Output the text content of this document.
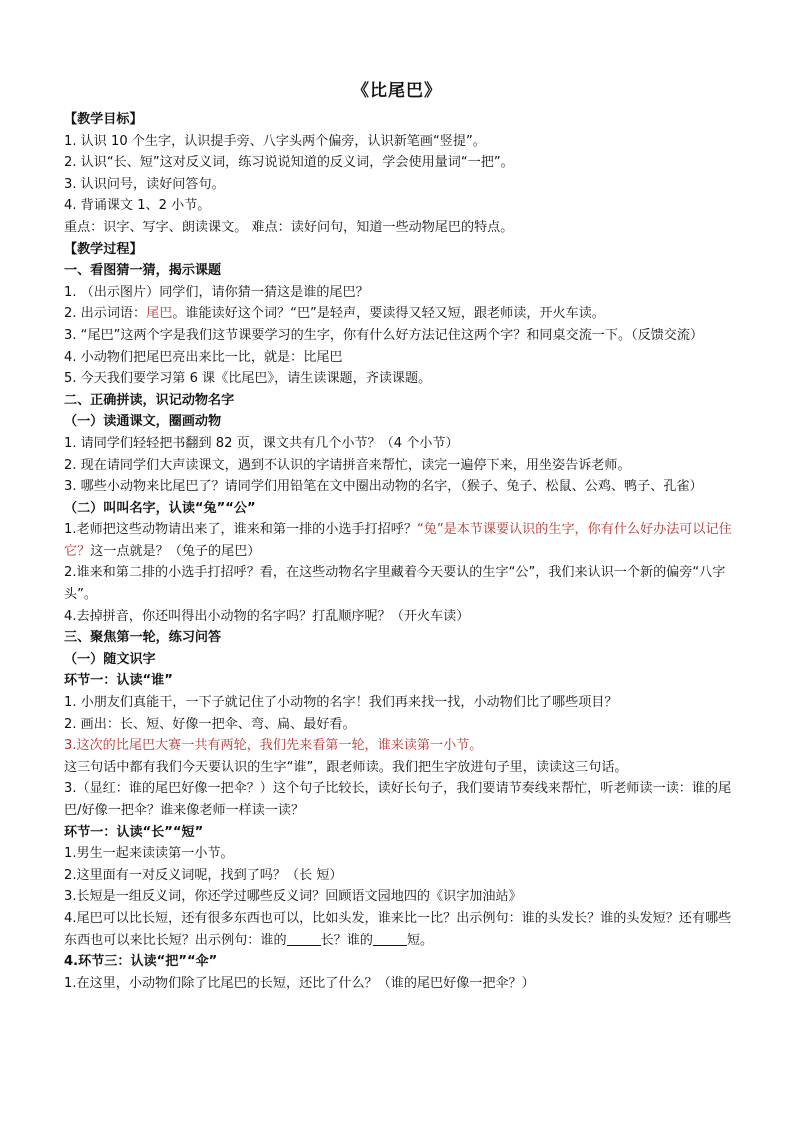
《比尾巴》
【教学目标】
1. 认识 10 个生字，认识提手旁、八字头两个偏旁，认识新笔画“竖提”。
2. 认识“长、短”这对反义词，练习说说知道的反义词，学会使用量词“一把”。
3. 认识问号，读好问答句。
4. 背诵课文 1、2 小节。
重点：识字、写字、朗读课文。 难点：读好问句，知道一些动物尾巴的特点。
【教学过程】
一、看图猜一猜，揭示课题
1. （出示图片）同学们，请你猜一猜这是谁的尾巴？
2. 出示词语：尾巴。谁能读好这个词？“巴”是轻声，要读得又轻又短，跟老师读，开火车读。
3. “尾巴”这两个字是我们这节课要学习的生字，你有什么好方法记住这两个字？和同桌交流一下。（反馈交流）
4. 小动物们把尾巴亮出来比一比，就是：比尾巴
5. 今天我们要学习第 6 课《比尾巴》，请生读课题，齐读课题。
二、正确拼读，识记动物名字
（一）读通课文，圈画动物
1. 请同学们轻轻把书翻到 82 页，课文共有几个小节？（4 个小节）
2. 现在请同学们大声读课文，遇到不认识的字请拼音来帮忙，读完一遍停下来，用坐姿告诉老师。
3. 哪些小动物来比尾巴了？请同学们用铅笔在文中圈出动物的名字，（猴子、兔子、松鼠、公鸡、鸭子、孔雀）
（二）叫叫名字，认读“兔”“公”
1.老师把这些动物请出来了，谁来和第一排的小选手打招呼？“兔”是本节课要认识的生字，你有什么好办法可以记住它？这一点就是？（兔子的尾巴）
2.谁来和第二排的小选手打招呼？看，在这些动物名字里藏着今天要认的生字“公”，我们来认识一个新的偏旁“八字头”。
4.去掉拼音，你还叫得出小动物的名字吗？打乱顺序呢？（开火车读）
三、聚焦第一轮，练习问答
（一）随文识字
环节一：认读“谁”
1. 小朋友们真能干，一下子就记住了小动物的名字！我们再来找一找，小动物们比了哪些项目？
2. 画出：长、短、好像一把伞、弯、扁、最好看。
3.这次的比尾巴大赛一共有两轮，我们先来看第一轮，谁来读第一小节。
这三句话中都有我们今天要认识的生字“谁”，跟老师读。我们把生字放进句子里，读读这三句话。
3.（显红：谁的尾巴好像一把伞？）这个句子比较长，读好长句子，我们要请节奏线来帮忙，听老师读一读：谁的尾巴/好像一把伞？谁来像老师一样读一读？
环节一：认读“长”“短”
1.男生一起来读读第一小节。
2.这里面有一对反义词呢，找到了吗？（长 短）
3.长短是一组反义词，你还学过哪些反义词？回顾语文园地四的《识字加油站》
4.尾巴可以比长短，还有很多东西也可以，比如头发，谁来比一比？出示例句：谁的头发长？谁的头发短？还有哪些东西也可以来比长短？出示例句：谁的	长？谁的	短。
4.环节三：认读“把”“伞”
1.在这里，小动物们除了比尾巴的长短，还比了什么？（谁的尾巴好像一把伞？）
